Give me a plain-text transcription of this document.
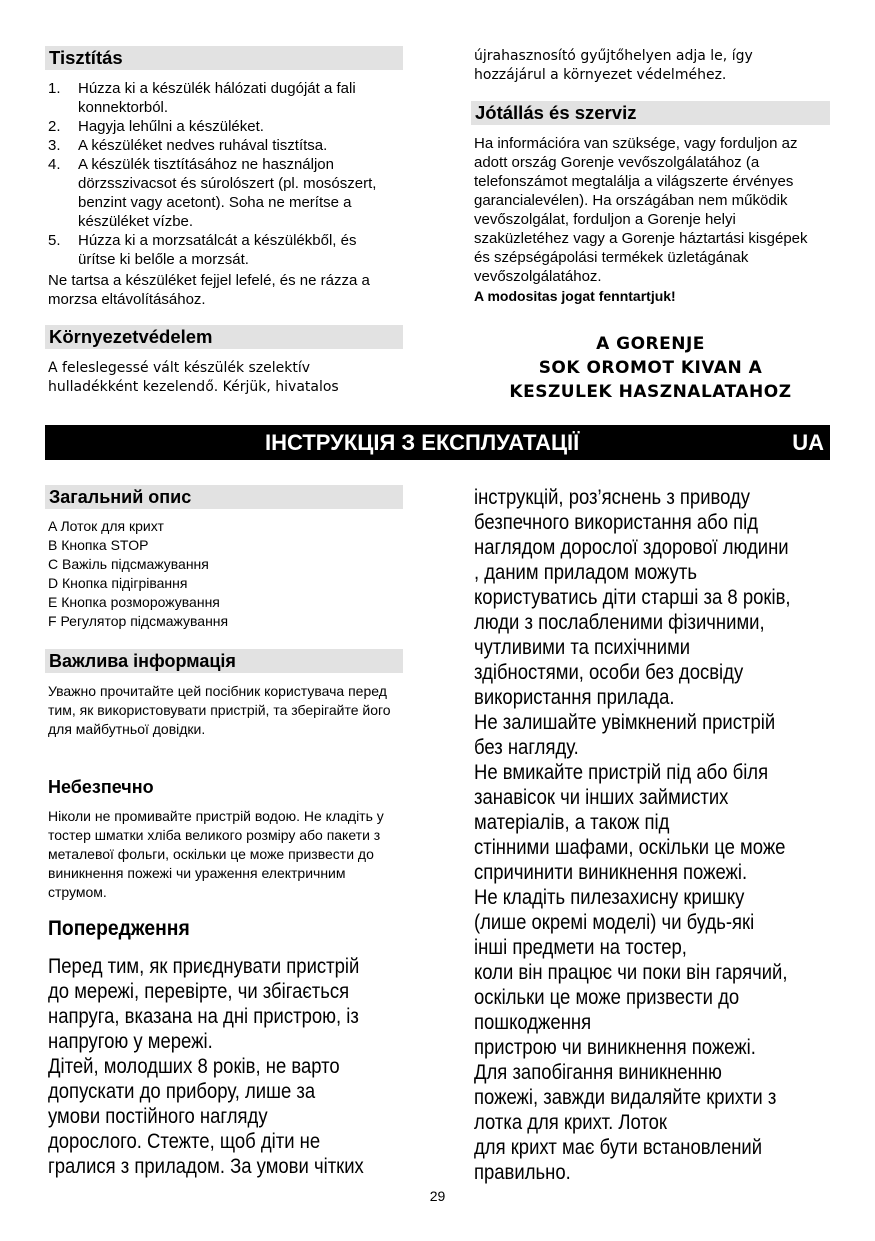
Tisztítás
1. Húzza ki a készülék hálózati dugóját a fali konnektorból.
2. Hagyja lehűlni a készüléket.
3. A készüléket nedves ruhával tisztítsa.
4. A készülék tisztításához ne használjon dörzsszivacsot és súrolószert (pl. mosószert, benzint vagy acetont). Soha ne merítse a készüléket vízbe.
5. Húzza ki a morzsatálcát a készülékből, és ürítse ki belőle a morzsát.

Ne tartsa a készüléket fejjel lefelé, és ne rázza a morzsa eltávolításához.

Környezetvédelem

A feleslegessé vált készülék szelektív hulladékként kezelendő. Kérjük, hivatalos

újrahasznosító gyűjtőhelyen adja le, így hozzájárul a környezet védelméhez.

Jótállás és szerviz

Ha információra van szüksége, vagy forduljon az adott ország Gorenje vevőszolgálatához (a telefonszámot megtalálja a világszerte érvényes garancialevélen). Ha országában nem működik vevőszolgálat, forduljon a Gorenje helyi szaküzletéhez vagy a Gorenje háztartási kisgépek és szépségápolási termékek üzletágának vevőszolgálatához.

A modositas jogat fenntartjuk!

A GORENJE
SOK OROMOT KIVAN A
KESZULEK HASZNALATAHOZ
ІНСТРУКЦІЯ З ЕКСПЛУАТАЦІЇ	UA
Загальний опис
A Лоток для крихт
B Кнопка STOP
C Важіль підсмажування
D Кнопка підігрівання
E Кнопка розморожування
F Регулятор підсмажування
Важлива інформація

Уважно прочитайте цей посібник користувача перед тим, як використовувати пристрій, та зберігайте його для майбутньої довідки.

Небезпечно

Ніколи не промивайте пристрій водою. Не кладіть у тостер шматки хліба великого розміру або пакети з металевої фольги, оскільки це може призвести до виникнення пожежі чи ураження електричним струмом.

Попередження
Перед тим, як приєднувати пристрій
до мережі, перевірте, чи збігається
напруга, вказана на дні пристрою, із
напругою у мережі.
Дітей, молодших 8 років, не варто
допускати до прибору, лише за
умови постійного нагляду
дорослого. Стежте, щоб діти не
гралися з приладом. За умови чітких
інструкцій, роз’яснень з приводу
безпечного використання або під
наглядом дорослої здорової людини
, даним приладом можуть
користуватись діти старші за 8 років,
люди з послабленими фізичними,
чутливими та психічними
здібностями, особи без досвіду
використання прилада.
Не залишайте увімкнений пристрій
без нагляду.
Не вмикайте пристрій під або біля
занавісок чи інших займистих
матеріалів, а також під
стінними шафами, оскільки це може
спричинити виникнення пожежі.
Не кладіть пилезахисну кришку
(лише окремі моделі) чи будь-які
інші предмети на тостер,
коли він працює чи поки він гарячий,
оскільки це може призвести до
пошкодження
пристрою чи виникнення пожежі.
Для запобігання виникненню
пожежі, завжди видаляйте крихти з
лотка для крихт. Лоток
для крихт має бути встановлений
правильно.
29
